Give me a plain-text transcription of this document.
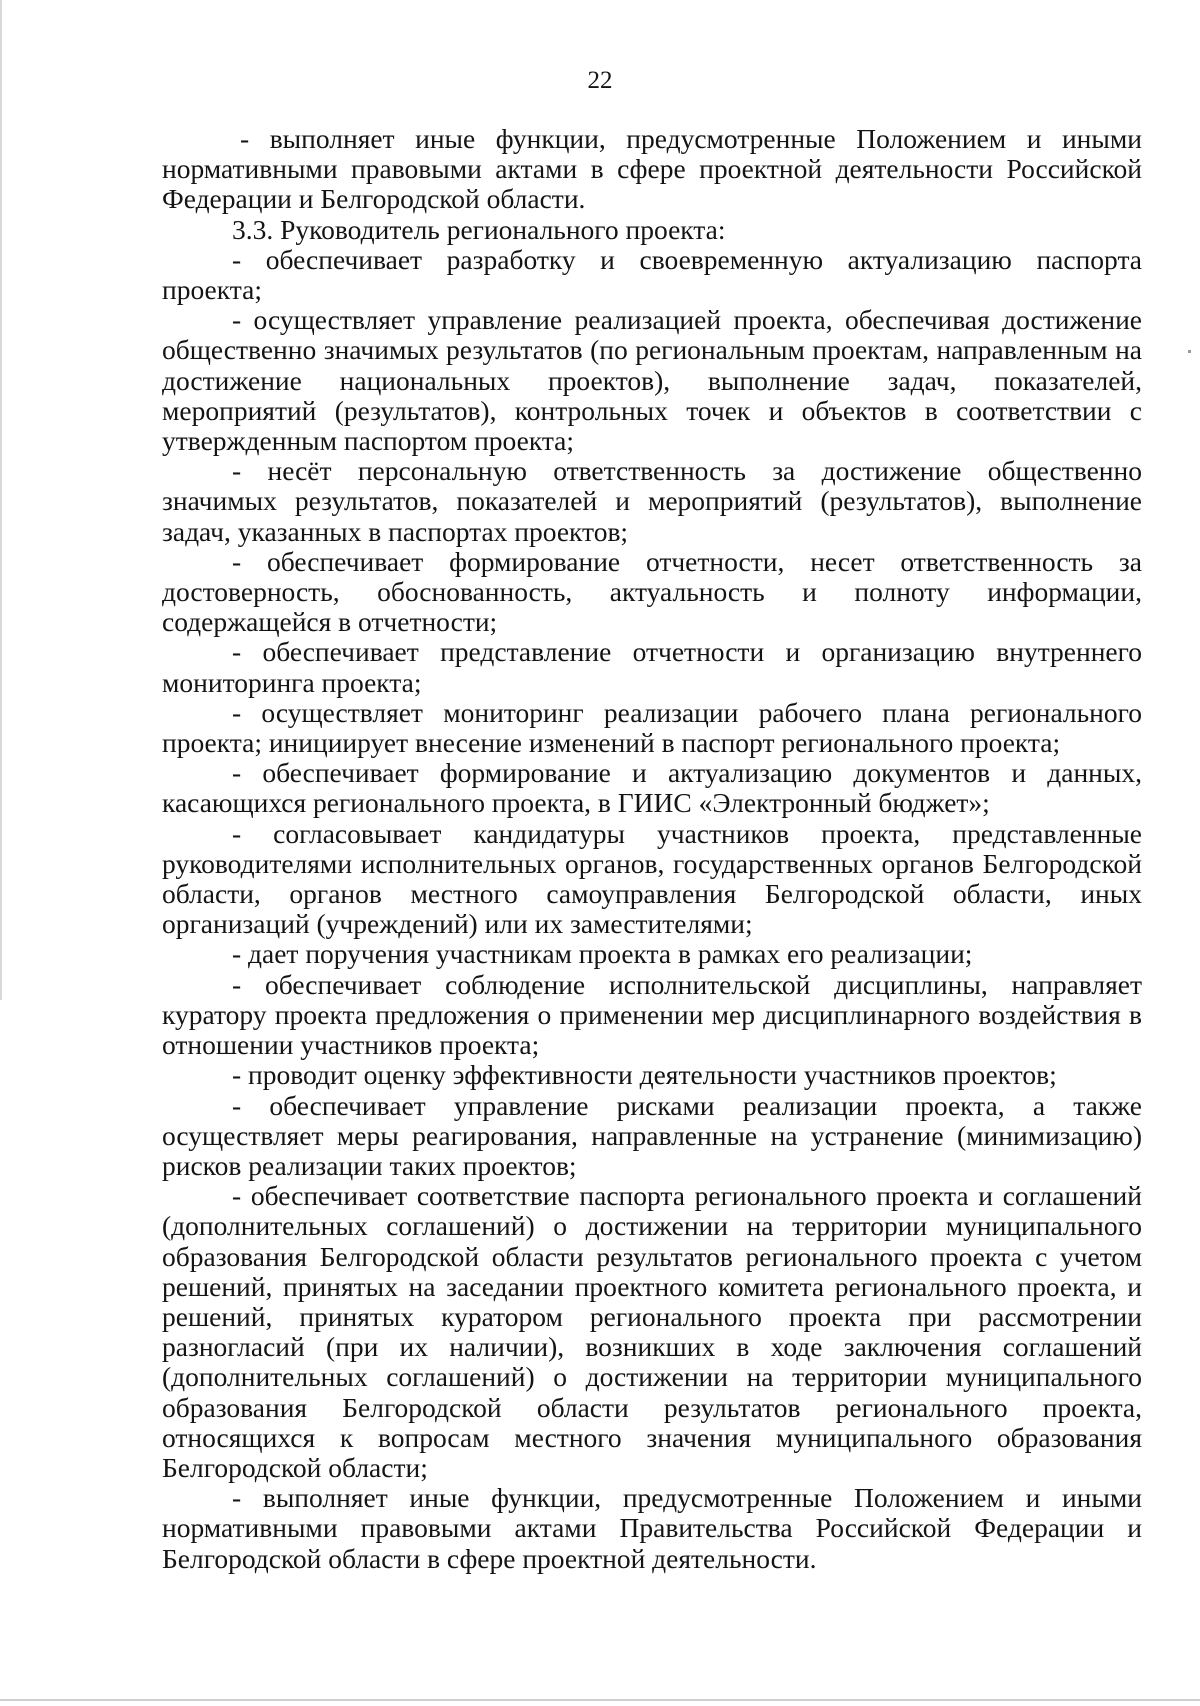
22

- выполняет иные функции, предусмотренные Положением и иными нормативными правовыми актами в сфере проектной деятельности Российской Федерации и Белгородской области.

3.3. Руководитель регионального проекта:

- обеспечивает разработку и своевременную актуализацию паспорта проекта;

- осуществляет управление реализацией проекта, обеспечивая достижение общественно значимых результатов (по региональным проектам, направленным на достижение национальных проектов), выполнение задач, показателей, мероприятий (результатов), контрольных точек и объектов в соответствии с утвержденным паспортом проекта;

- несёт персональную ответственность за достижение общественно значимых результатов, показателей и мероприятий (результатов), выполнение задач, указанных в паспортах проектов;

- обеспечивает формирование отчетности, несет ответственность за достоверность, обоснованность, актуальность и полноту информации, содержащейся в отчетности;

- обеспечивает представление отчетности и организацию внутреннего мониторинга проекта;

- осуществляет мониторинг реализации рабочего плана регионального проекта; инициирует внесение изменений в паспорт регионального проекта;

- обеспечивает формирование и актуализацию документов и данных, касающихся регионального проекта, в ГИИС «Электронный бюджет»;

- согласовывает кандидатуры участников проекта, представленные руководителями исполнительных органов, государственных органов Белгородской области, органов местного самоуправления Белгородской области, иных организаций (учреждений) или их заместителями;

- дает поручения участникам проекта в рамках его реализации;

- обеспечивает соблюдение исполнительской дисциплины, направляет куратору проекта предложения о применении мер дисциплинарного воздействия в отношении участников проекта;

- проводит оценку эффективности деятельности участников проектов;

- обеспечивает управление рисками реализации проекта, а также осуществляет меры реагирования, направленные на устранение (минимизацию) рисков реализации таких проектов;

- обеспечивает соответствие паспорта регионального проекта и соглашений (дополнительных соглашений) о достижении на территории муниципального образования Белгородской области результатов регионального проекта с учетом решений, принятых на заседании проектного комитета регионального проекта, и решений, принятых куратором регионального проекта при рассмотрении разногласий (при их наличии), возникших в ходе заключения соглашений (дополнительных соглашений) о достижении на территории муниципального образования Белгородской области результатов регионального проекта, относящихся к вопросам местного значения муниципального образования Белгородской области;

- выполняет иные функции, предусмотренные Положением и иными нормативными правовыми актами Правительства Российской Федерации и Белгородской области в сфере проектной деятельности.
